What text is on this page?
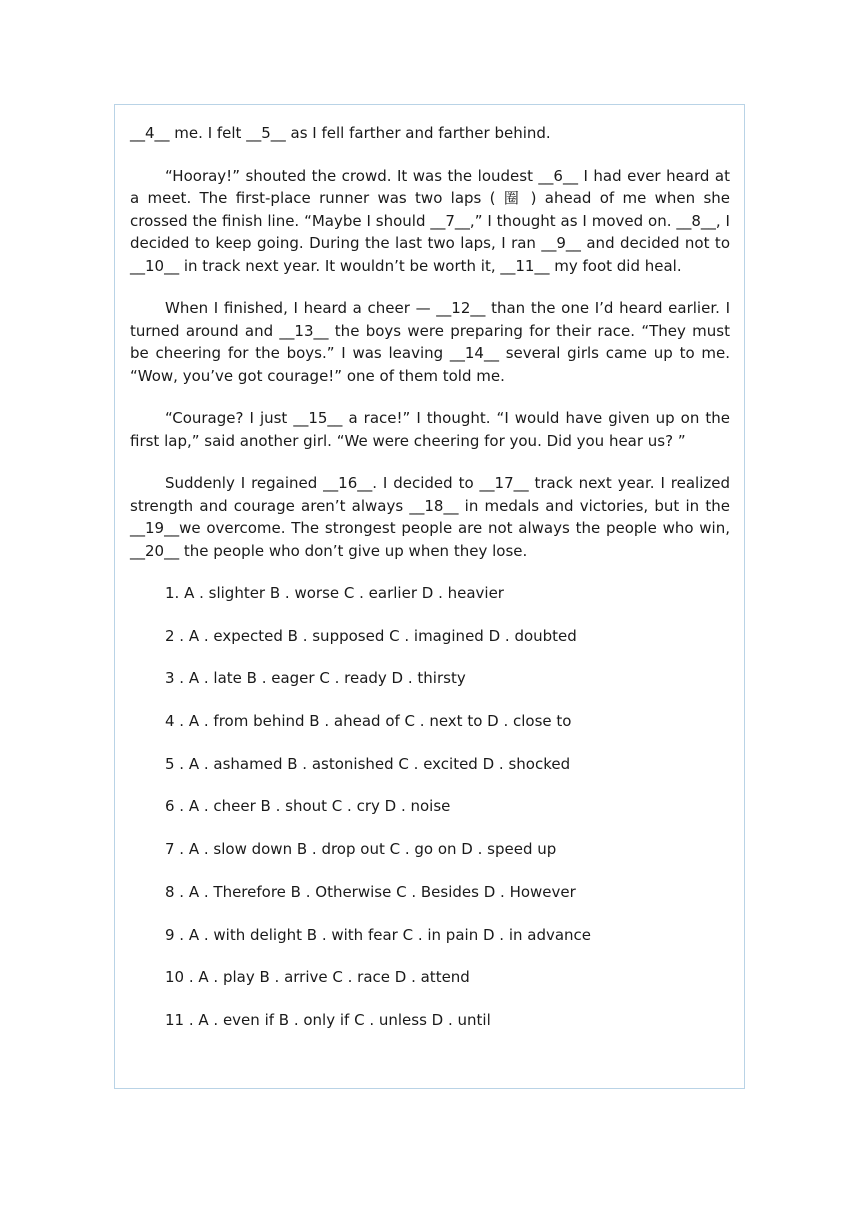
__4__ me. I felt __5__ as I fell farther and farther behind.

“Hooray!” shouted the crowd. It was the loudest __6__ I had ever heard at a meet. The first-place runner was two laps ( 圈 ) ahead of me when she crossed the finish line. “Maybe I should __7__,” I thought as I moved on. __8__, I decided to keep going. During the last two laps, I ran __9__ and decided not to __10__ in track next year. It wouldn’t be worth it, __11__ my foot did heal.

When I finished, I heard a cheer — __12__ than the one I’d heard earlier. I turned around and __13__ the boys were preparing for their race. “They must be cheering for the boys.” I was leaving __14__ several girls came up to me. “Wow, you’ve got courage!” one of them told me.

“Courage? I just __15__ a race!” I thought. “I would have given up on the first lap,” said another girl. “We were cheering for you. Did you hear us? ”

Suddenly I regained __16__. I decided to __17__ track next year. I realized strength and courage aren’t always __18__ in medals and victories, but in the __19__we overcome. The strongest people are not always the people who win, __20__ the people who don’t give up when they lose.

1. A . slighter B . worse C . earlier D . heavier
2 . A . expected B . supposed C . imagined D . doubted
3 . A . late B . eager C . ready D . thirsty
4 . A . from behind B . ahead of C . next to D . close to
5 . A . ashamed B . astonished C . excited D . shocked
6 . A . cheer B . shout C . cry D . noise
7 . A . slow down B . drop out C . go on D . speed up
8 . A . Therefore B . Otherwise C . Besides D . However
9 . A . with delight B . with fear C . in pain D . in advance
10 . A . play B . arrive C . race D . attend
11 . A . even if B . only if C . unless D . until
